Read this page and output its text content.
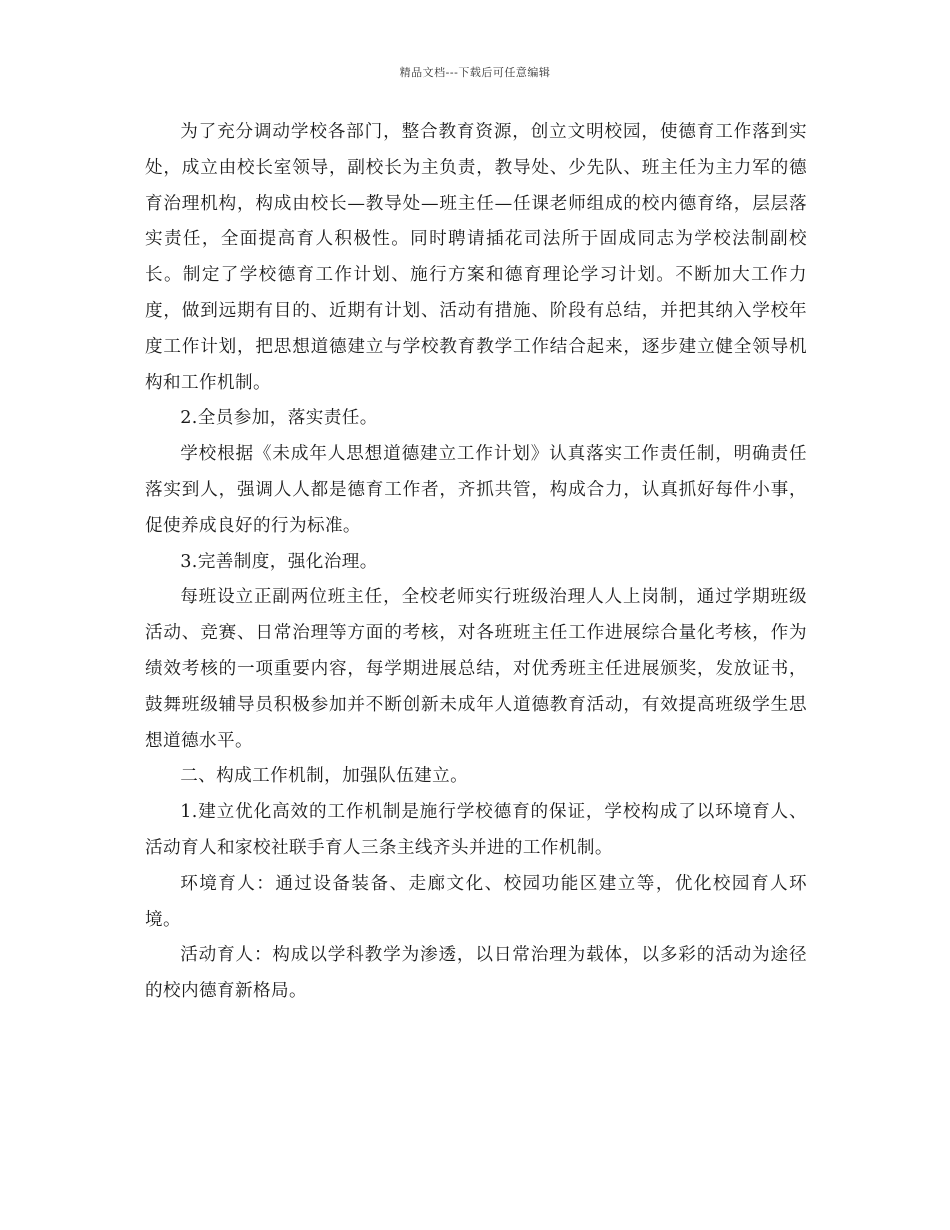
精品文档---下载后可任意编辑

为了充分调动学校各部门，整合教育资源，创立文明校园，使德育工作落到实处，成立由校长室领导，副校长为主负责，教导处、少先队、班主任为主力军的德育治理机构，构成由校长—教导处—班主任—任课老师组成的校内德育络，层层落实责任，全面提高育人积极性。同时聘请插花司法所于固成同志为学校法制副校长。制定了学校德育工作计划、施行方案和德育理论学习计划。不断加大工作力度，做到远期有目的、近期有计划、活动有措施、阶段有总结，并把其纳入学校年度工作计划，把思想道德建立与学校教育教学工作结合起来，逐步建立健全领导机构和工作机制。

2.全员参加，落实责任。

学校根据《未成年人思想道德建立工作计划》认真落实工作责任制，明确责任落实到人，强调人人都是德育工作者，齐抓共管，构成合力，认真抓好每件小事，促使养成良好的行为标准。

3.完善制度，强化治理。

每班设立正副两位班主任，全校老师实行班级治理人人上岗制，通过学期班级活动、竞赛、日常治理等方面的考核，对各班班主任工作进展综合量化考核，作为绩效考核的一项重要内容，每学期进展总结，对优秀班主任进展颁奖，发放证书，鼓舞班级辅导员积极参加并不断创新未成年人道德教育活动，有效提高班级学生思想道德水平。

二、构成工作机制，加强队伍建立。

1.建立优化高效的工作机制是施行学校德育的保证，学校构成了以环境育人、活动育人和家校社联手育人三条主线齐头并进的工作机制。

环境育人：通过设备装备、走廊文化、校园功能区建立等，优化校园育人环境。

活动育人：构成以学科教学为渗透，以日常治理为载体，以多彩的活动为途径的校内德育新格局。
